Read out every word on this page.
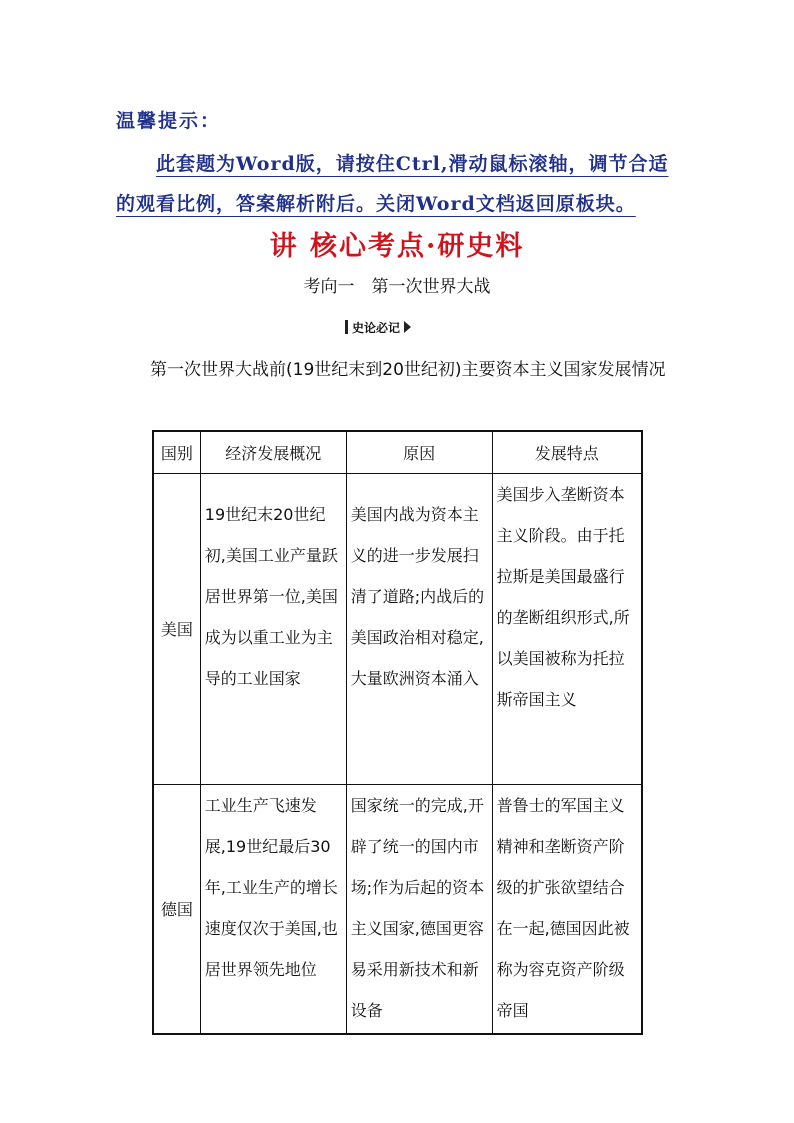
温馨提示：
此套题为Word版，请按住Ctrl,滑动鼠标滚轴，调节合适的观看比例，答案解析附后。关闭Word文档返回原板块。
讲 核心考点·研史料
考向一　第一次世界大战
史论必记
第一次世界大战前(19世纪末到20世纪初)主要资本主义国家发展情况
国别	经济发展概况	原因	发展特点
美国	19世纪末20世纪初,美国工业产量跃居世界第一位,美国成为以重工业为主导的工业国家	美国内战为资本主义的进一步发展扫清了道路;内战后的美国政治相对稳定,大量欧洲资本涌入	美国步入垄断资本主义阶段。由于托拉斯是美国最盛行的垄断组织形式,所以美国被称为托拉斯帝国主义
德国	工业生产飞速发展,19世纪最后30年,工业生产的增长速度仅次于美国,也居世界领先地位	国家统一的完成,开辟了统一的国内市场;作为后起的资本主义国家,德国更容易采用新技术和新设备	普鲁士的军国主义精神和垄断资产阶级的扩张欲望结合在一起,德国因此被称为容克资产阶级帝国
